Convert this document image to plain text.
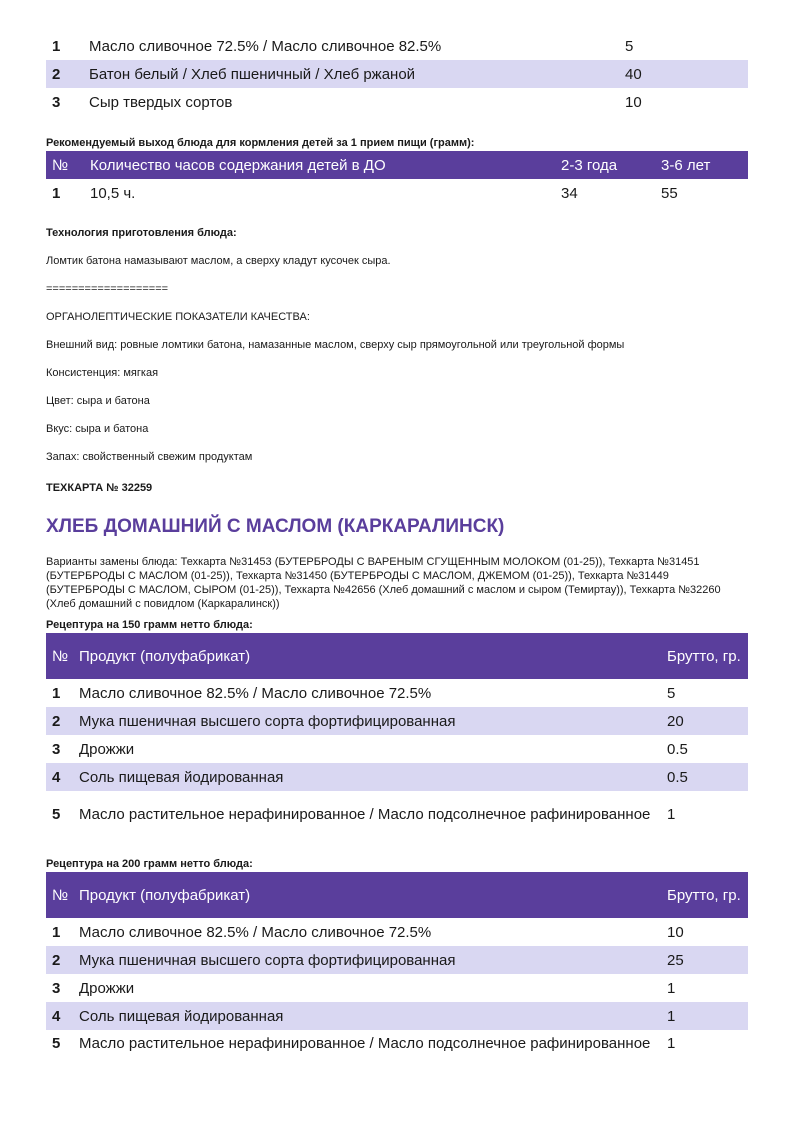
1	Масло сливочное 72.5% / Масло сливочное 82.5%	5
2	Батон белый / Хлеб пшеничный / Хлеб ржаной	40
3	Сыр твердых сортов	10

Рекомендуемый выход блюда для кормления детей за 1 прием пищи (грамм):

№	Количество часов содержания детей в ДО	2-3 года	3-6 лет
1	10,5 ч.	34	55

Технология приготовления блюда:

Ломтик батона намазывают маслом, а сверху кладут кусочек сыра.

===================

ОРГАНОЛЕПТИЧЕСКИЕ ПОКАЗАТЕЛИ КАЧЕСТВА:

Внешний вид: ровные ломтики батона, намазанные маслом, сверху сыр прямоугольной или треугольной формы

Консистенция: мягкая

Цвет: сыра и батона

Вкус: сыра и батона

Запах: свойственный свежим продуктам

ТЕХКАРТА № 32259

ХЛЕБ ДОМАШНИЙ С МАСЛОМ (КАРКАРАЛИНСК)

Варианты замены блюда: Техкарта №31453 (БУТЕРБРОДЫ С ВАРЕНЫМ СГУЩЕННЫМ МОЛОКОМ (01-25)), Техкарта №31451 (БУТЕРБРОДЫ С МАСЛОМ (01-25)), Техкарта №31450 (БУТЕРБРОДЫ С МАСЛОМ, ДЖЕМОМ (01-25)), Техкарта №31449 (БУТЕРБРОДЫ С МАСЛОМ, СЫРОМ (01-25)), Техкарта №42656 (Хлеб домашний с маслом и сыром (Темиртау)), Техкарта №32260 (Хлеб домашний с повидлом (Каркаралинск))

Рецептура на 150 грамм нетто блюда:

№	Продукт (полуфабрикат)	Брутто, гр.
1	Масло сливочное 82.5% / Масло сливочное 72.5%	5
2	Мука пшеничная высшего сорта фортифицированная	20
3	Дрожжи	0.5
4	Соль пищевая йодированная	0.5
5	Масло растительное нерафинированное / Масло подсолнечное рафинированное	1

Рецептура на 200 грамм нетто блюда:

№	Продукт (полуфабрикат)	Брутто, гр.
1	Масло сливочное 82.5% / Масло сливочное 72.5%	10
2	Мука пшеничная высшего сорта фортифицированная	25
3	Дрожжи	1
4	Соль пищевая йодированная	1
5	Масло растительное нерафинированное / Масло подсолнечное рафинированное	1
